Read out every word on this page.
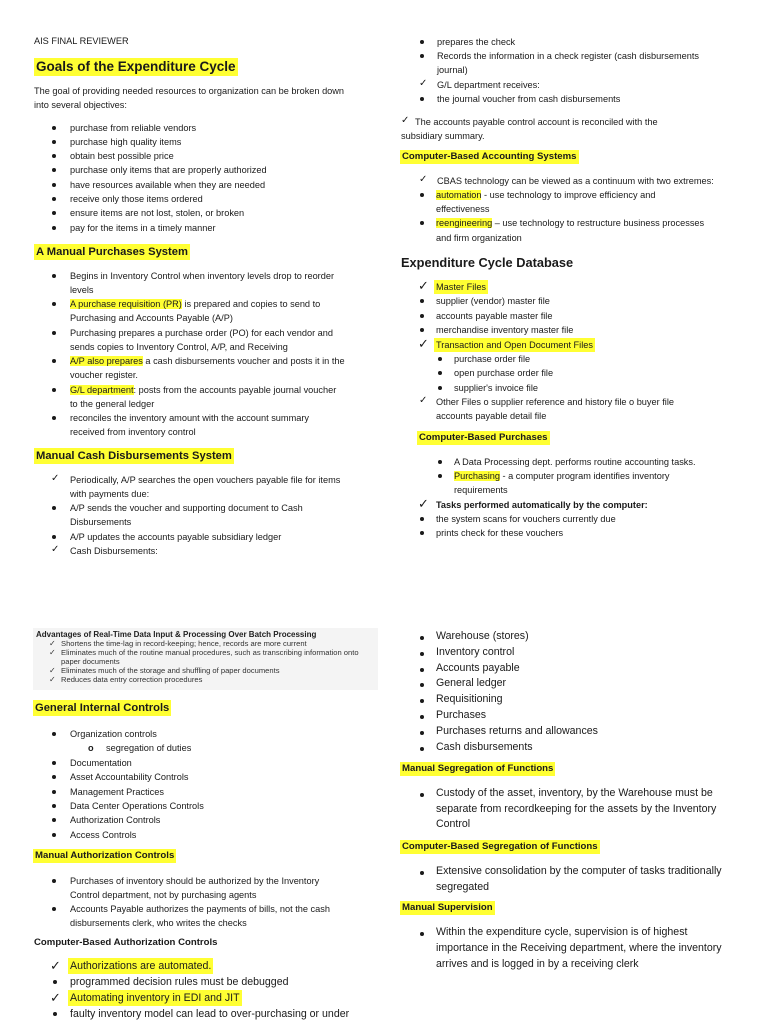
AIS FINAL REVIEWER
Goals of the Expenditure Cycle
The goal of providing needed resources to organization can be broken down
into several objectives:
purchase from reliable vendors
purchase high quality items
obtain best possible price
purchase only items that are properly authorized
have resources available when they are needed
receive only those items ordered
ensure items are not lost, stolen, or broken
pay for the items in a timely manner
A Manual Purchases System
Begins in Inventory Control when inventory levels drop to reorder
levels
A purchase requisition (PR) is prepared and copies to send to
Purchasing and Accounts Payable (A/P)
Purchasing prepares a purchase order (PO) for each vendor and
sends copies to Inventory Control, A/P, and Receiving
A/P also prepares a cash disbursements voucher and posts it in the
voucher register.
G/L department: posts from the accounts payable journal voucher
to the general ledger
reconciles the inventory amount with the account summary
received from inventory control
Manual Cash Disbursements System
✓ Periodically, A/P searches the open vouchers payable file for items
with payments due:
A/P sends the voucher and supporting document to Cash
Disbursements
A/P updates the accounts payable subsidiary ledger
✓ Cash Disbursements:
prepares the check
Records the information in a check register (cash disbursements
journal)
✓ G/L department receives:
the journal voucher from cash disbursements
✓ The accounts payable control account is reconciled with the
subsidiary summary.
Computer-Based Accounting Systems
✓ CBAS technology can be viewed as a continuum with two extremes:
automation - use technology to improve efficiency and
effectiveness
reengineering – use technology to restructure business processes
and firm organization
Expenditure Cycle Database
✓ Master Files
supplier (vendor) master file
accounts payable master file
merchandise inventory master file
✓ Transaction and Open Document Files
purchase order file
open purchase order file
supplier's invoice file
✓ Other Files o supplier reference and history file o buyer file
accounts payable detail file
Computer-Based Purchases
A Data Processing dept. performs routine accounting tasks.
Purchasing - a computer program identifies inventory
requirements
✓ Tasks performed automatically by the computer:
the system scans for vouchers currently due
prints check for these vouchers
Advantages of Real-Time Data Input & Processing Over Batch Processing
✓ Shortens the time-lag in record-keeping; hence, records are more current
✓ Eliminates much of the routine manual procedures, such as transcribing information onto
paper documents
✓ Eliminates much of the storage and shuffling of paper documents
✓ Reduces data entry correction procedures
General Internal Controls
Organization controls
o segregation of duties
Documentation
Asset Accountability Controls
Management Practices
Data Center Operations Controls
Authorization Controls
Access Controls
Manual Authorization Controls
Purchases of inventory should be authorized by the Inventory
Control department, not by purchasing agents
Accounts Payable authorizes the payments of bills, not the cash
disbursements clerk, who writes the checks
Computer-Based Authorization Controls
✓ Authorizations are automated.
programmed decision rules must be debugged
✓ Automating inventory in EDI and JIT
faulty inventory model can lead to over-purchasing or under
Warehouse (stores)
Inventory control
Accounts payable
General ledger
Requisitioning
Purchases
Purchases returns and allowances
Cash disbursements
Manual Segregation of Functions
Custody of the asset, inventory, by the Warehouse must be
separate from recordkeeping for the assets by the Inventory
Control
Computer-Based Segregation of Functions
Extensive consolidation by the computer of tasks traditionally
segregated
Manual Supervision
Within the expenditure cycle, supervision is of highest
importance in the Receiving department, where the inventory
arrives and is logged in by a receiving clerk
